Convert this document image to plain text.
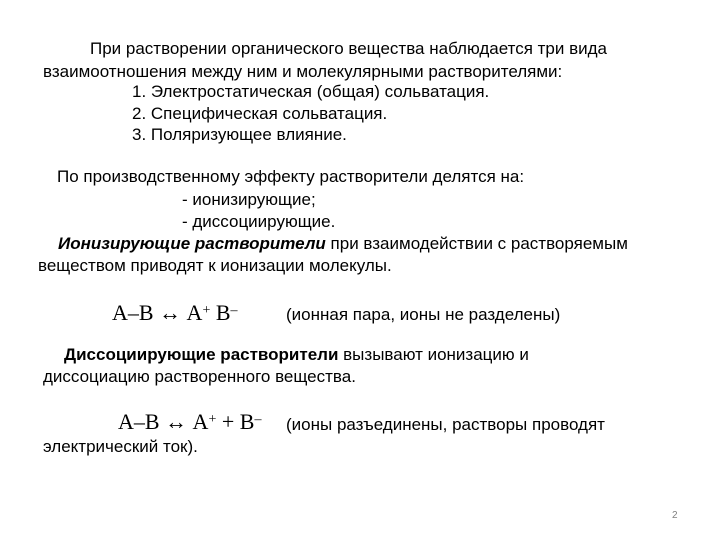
При растворении органического вещества наблюдается три вида
взаимоотношения между ним и молекулярными растворителями:
1. Электростатическая (общая) сольватация.
2. Специфическая сольватация.
3. Поляризующее влияние.
По производственному эффекту растворители делятся на:
- ионизирующие;
- диссоциирующие.
Ионизирующие растворители при взаимодействии с растворяемым
веществом приводят к ионизации молекулы.
А–В ↔ А+ В–	(ионная пара, ионы не разделены)
Диссоциирующие растворители вызывают ионизацию и
диссоциацию растворенного вещества.
А–В ↔ А+ + В– (ионы разъединены, растворы проводят
электрический ток).
2
